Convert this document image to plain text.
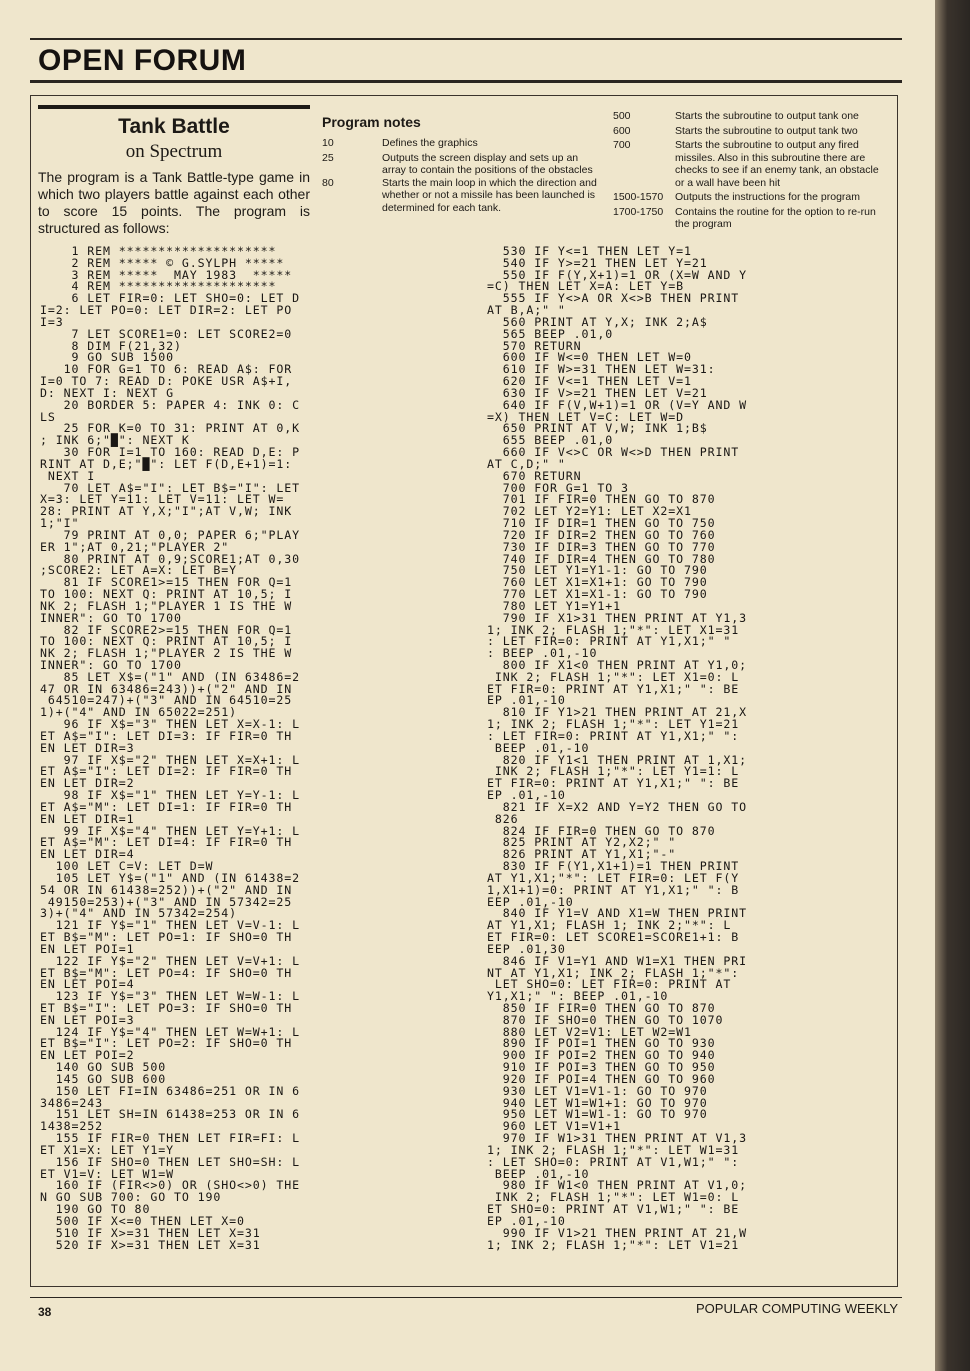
OPEN FORUM
Tank Battle
on Spectrum

The program is a Tank Battle-type game in which two players battle against each other to score 15 points. The program is structured as follows:

Program notes
10	Defines the graphics
25	Outputs the screen display and sets up an array to contain the positions of the obstacles
80	Starts the main loop in which the direction and whether or not a missile has been launched is determined for each tank.
500	Starts the subroutine to output tank one
600	Starts the subroutine to output tank two
700	Starts the subroutine to output any fired missiles. Also in this subroutine there are checks to see if an enemy tank, an obstacle or a wall have been hit
1500-1570	Outputs the instructions for the program
1700-1750	Contains the routine for the option to re-run the program
1 REM ********************
2 REM ***** © G.SYLPH *****
3 REM *****  MAY 1983  *****
4 REM ********************
6 LET FIR=0: LET SHO=0: LET D
I=2: LET PO=0: LET DIR=2: LET PO
I=3
7 LET SCORE1=0: LET SCORE2=0
8 DIM F(21,32)
9 GO SUB 1500
10 FOR G=1 TO 6: READ A$: FOR
I=0 TO 7: READ D: POKE USR A$+I,
D: NEXT I: NEXT G
20 BORDER 5: PAPER 4: INK 0: C
LS
25 FOR K=0 TO 31: PRINT AT 0,K
; INK 6;"█": NEXT K
30 FOR I=1 TO 160: READ D,E: P
RINT AT D,E;"█": LET F(D,E+1)=1:
NEXT I
70 LET A$="I": LET B$="I": LET
X=3: LET Y=11: LET V=11: LET W=
28: PRINT AT Y,X;"I";AT V,W; INK
1;"I"
79 PRINT AT 0,0; PAPER 6;"PLAY
ER 1";AT 0,21;"PLAYER 2"
80 PRINT AT 0,9;SCORE1;AT 0,30
;SCORE2: LET A=X: LET B=Y
81 IF SCORE1>=15 THEN FOR Q=1
TO 100: NEXT Q: PRINT AT 10,5; I
NK 2; FLASH 1;"PLAYER 1 IS THE W
INNER": GO TO 1700
82 IF SCORE2>=15 THEN FOR Q=1
TO 100: NEXT Q: PRINT AT 10,5; I
NK 2; FLASH 1;"PLAYER 2 IS THE W
INNER": GO TO 1700
85 LET X$=("1" AND (IN 63486=2
47 OR IN 63486=243))+("2" AND IN
64510=247)+("3" AND IN 64510=25
1)+("4" AND IN 65022=251)
96 IF X$="3" THEN LET X=X-1: L
ET A$="I": LET DI=3: IF FIR=0 TH
EN LET DIR=3
97 IF X$="2" THEN LET X=X+1: L
ET A$="I": LET DI=2: IF FIR=0 TH
EN LET DIR=2
98 IF X$="1" THEN LET Y=Y-1: L
ET A$="M": LET DI=1: IF FIR=0 TH
EN LET DIR=1
99 IF X$="4" THEN LET Y=Y+1: L
ET A$="M": LET DI=4: IF FIR=0 TH
EN LET DIR=4
100 LET C=V: LET D=W
105 LET Y$=("1" AND (IN 61438=2
54 OR IN 61438=252))+("2" AND IN
49150=253)+("3" AND IN 57342=25
3)+("4" AND IN 57342=254)
121 IF Y$="1" THEN LET V=V-1: L
ET B$="M": LET PO=1: IF SHO=0 TH
EN LET POI=1
122 IF Y$="2" THEN LET V=V+1: L
ET B$="M": LET PO=4: IF SHO=0 TH
EN LET POI=4
123 IF Y$="3" THEN LET W=W-1: L
ET B$="I": LET PO=3: IF SHO=0 TH
EN LET POI=3
124 IF Y$="4" THEN LET W=W+1: L
ET B$="I": LET PO=2: IF SHO=0 TH
EN LET POI=2
140 GO SUB 500
145 GO SUB 600
150 LET FI=IN 63486=251 OR IN 6
3486=243
151 LET SH=IN 61438=253 OR IN 6
1438=252
155 IF FIR=0 THEN LET FIR=FI: L
ET X1=X: LET Y1=Y
156 IF SHO=0 THEN LET SHO=SH: L
ET V1=V: LET W1=W
160 IF (FIR<>0) OR (SHO<>0) THE
N GO SUB 700: GO TO 190
190 GO TO 80
500 IF X<=0 THEN LET X=0
510 IF X>=31 THEN LET X=31
520 IF X>=31 THEN LET X=31
530 IF Y<=1 THEN LET Y=1
540 IF Y>=21 THEN LET Y=21
550 IF F(Y,X+1)=1 OR (X=W AND Y
=C) THEN LET X=A: LET Y=B
555 IF Y<>A OR X<>B THEN PRINT
AT B,A;" "
560 PRINT AT Y,X; INK 2;A$
565 BEEP .01,0
570 RETURN
600 IF W<=0 THEN LET W=0
610 IF W>=31 THEN LET W=31:
620 IF V<=1 THEN LET V=1
630 IF V>=21 THEN LET V=21
640 IF F(V,W+1)=1 OR (V=Y AND W
=X) THEN LET V=C: LET W=D
650 PRINT AT V,W; INK 1;B$
655 BEEP .01,0
660 IF V<>C OR W<>D THEN PRINT
AT C,D;" "
670 RETURN
700 FOR G=1 TO 3
701 IF FIR=0 THEN GO TO 870
702 LET Y2=Y1: LET X2=X1
710 IF DIR=1 THEN GO TO 750
720 IF DIR=2 THEN GO TO 760
730 IF DIR=3 THEN GO TO 770
740 IF DIR=4 THEN GO TO 780
750 LET Y1=Y1-1: GO TO 790
760 LET X1=X1+1: GO TO 790
770 LET X1=X1-1: GO TO 790
780 LET Y1=Y1+1
790 IF X1>31 THEN PRINT AT Y1,3
1; INK 2; FLASH 1;"*": LET X1=31
: LET FIR=0: PRINT AT Y1,X1;" "
: BEEP .01,-10
800 IF X1<0 THEN PRINT AT Y1,0;
INK 2; FLASH 1;"*": LET X1=0: L
ET FIR=0: PRINT AT Y1,X1;" ": BE
EP .01,-10
810 IF Y1>21 THEN PRINT AT 21,X
1; INK 2; FLASH 1;"*": LET Y1=21
: LET FIR=0: PRINT AT Y1,X1;" ":
BEEP .01,-10
820 IF Y1<1 THEN PRINT AT 1,X1;
INK 2; FLASH 1;"*": LET Y1=1: L
ET FIR=0: PRINT AT Y1,X1;" ": BE
EP .01,-10
821 IF X=X2 AND Y=Y2 THEN GO TO
826
824 IF FIR=0 THEN GO TO 870
825 PRINT AT Y2,X2;" "
826 PRINT AT Y1,X1;"-"
830 IF F(Y1,X1+1)=1 THEN PRINT
AT Y1,X1;"*": LET FIR=0: LET F(Y
1,X1+1)=0: PRINT AT Y1,X1;" ": B
EEP .01,-10
840 IF Y1=V AND X1=W THEN PRINT
AT Y1,X1; FLASH 1; INK 2;"*": L
ET FIR=0: LET SCORE1=SCORE1+1: B
EEP .01,30
846 IF V1=Y1 AND W1=X1 THEN PRI
NT AT Y1,X1; INK 2; FLASH 1;"*":
LET SHO=0: LET FIR=0: PRINT AT
Y1,X1;" ": BEEP .01,-10
850 IF FIR=0 THEN GO TO 870
870 IF SHO=0 THEN GO TO 1070
880 LET V2=V1: LET W2=W1
890 IF POI=1 THEN GO TO 930
900 IF POI=2 THEN GO TO 940
910 IF POI=3 THEN GO TO 950
920 IF POI=4 THEN GO TO 960
930 LET V1=V1-1: GO TO 970
940 LET W1=W1+1: GO TO 970
950 LET W1=W1-1: GO TO 970
960 LET V1=V1+1
970 IF W1>31 THEN PRINT AT V1,3
1; INK 2; FLASH 1;"*": LET W1=31
: LET SHO=0: PRINT AT V1,W1;" ":
BEEP .01,-10
980 IF W1<0 THEN PRINT AT V1,0;
INK 2; FLASH 1;"*": LET W1=0: L
ET SHO=0: PRINT AT V1,W1;" ": BE
EP .01,-10
990 IF V1>21 THEN PRINT AT 21,W
1; INK 2; FLASH 1;"*": LET V1=21
38	POPULAR COMPUTING WEEKLY
